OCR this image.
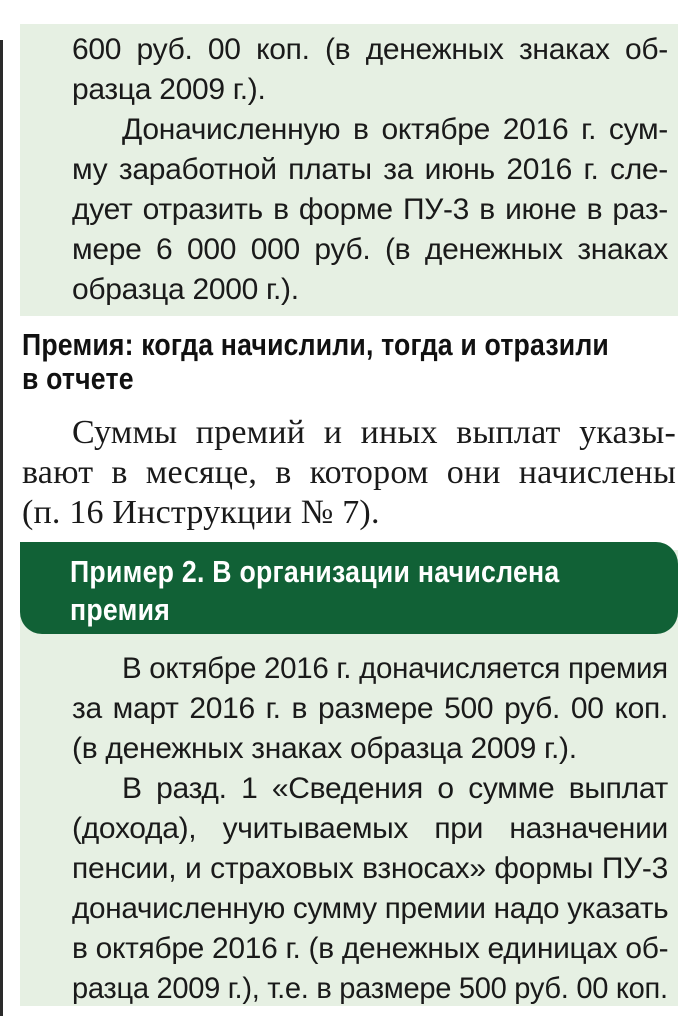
600 руб. 00 коп. (в денежных знаках об-
разца 2009 г.).
Доначисленную в октябре 2016 г. сум-
му заработной платы за июнь 2016 г. сле-
дует отразить в форме ПУ-3 в июне в раз-
мере 6 000 000 руб. (в денежных знаках
образца 2000 г.).
Премия: когда начислили, тогда и отразили
в отчете
Суммы премий и иных выплат указы-
вают в месяце, в котором они начислены
(п. 16 Инструкции № 7).
Пример 2. В организации начислена
премия
В октябре 2016 г. доначисляется премия
за март 2016 г. в размере 500 руб. 00 коп.
(в денежных знаках образца 2009 г.).
В разд. 1 «Сведения о сумме выплат
(дохода), учитываемых при назначении
пенсии, и страховых взносах» формы ПУ-3
доначисленную сумму премии надо указать
в октябре 2016 г. (в денежных единицах об-
разца 2009 г.), т.е. в размере 500 руб. 00 коп.
